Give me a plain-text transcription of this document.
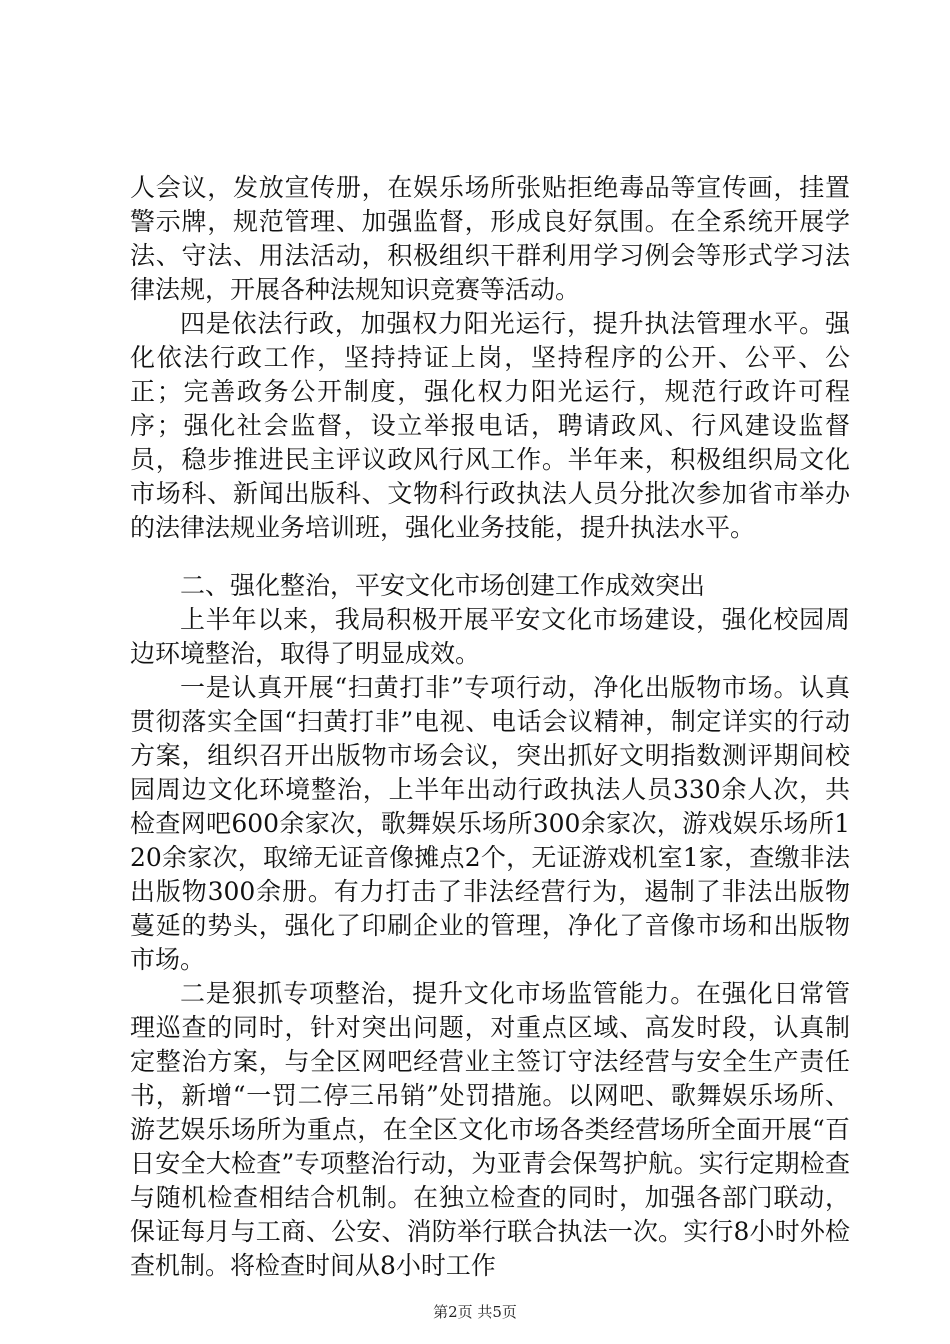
人会议，发放宣传册，在娱乐场所张贴拒绝毒品等宣传画，挂置警示牌，规范管理、加强监督，形成良好氛围。在全系统开展学法、守法、用法活动，积极组织干群利用学习例会等形式学习法律法规，开展各种法规知识竞赛等活动。

四是依法行政，加强权力阳光运行，提升执法管理水平。强化依法行政工作，坚持持证上岗，坚持程序的公开、公平、公正；完善政务公开制度，强化权力阳光运行，规范行政许可程序；强化社会监督，设立举报电话，聘请政风、行风建设监督员，稳步推进民主评议政风行风工作。半年来，积极组织局文化市场科、新闻出版科、文物科行政执法人员分批次参加省市举办的法律法规业务培训班，强化业务技能，提升执法水平。

二、强化整治，平安文化市场创建工作成效突出

上半年以来，我局积极开展平安文化市场建设，强化校园周边环境整治，取得了明显成效。

一是认真开展“扫黄打非”专项行动，净化出版物市场。认真贯彻落实全国“扫黄打非”电视、电话会议精神，制定详实的行动方案，组织召开出版物市场会议，突出抓好文明指数测评期间校园周边文化环境整治，上半年出动行政执法人员330余人次，共检查网吧600余家次，歌舞娱乐场所300余家次，游戏娱乐场所120余家次，取缔无证音像摊点2个，无证游戏机室1家，查缴非法出版物300余册。有力打击了非法经营行为，遏制了非法出版物蔓延的势头，强化了印刷企业的管理，净化了音像市场和出版物市场。

二是狠抓专项整治，提升文化市场监管能力。在强化日常管理巡查的同时，针对突出问题，对重点区域、高发时段，认真制定整治方案，与全区网吧经营业主签订守法经营与安全生产责任书，新增“一罚二停三吊销”处罚措施。以网吧、歌舞娱乐场所、游艺娱乐场所为重点，在全区文化市场各类经营场所全面开展“百日安全大检查”专项整治行动，为亚青会保驾护航。实行定期检查与随机检查相结合机制。在独立检查的同时，加强各部门联动，保证每月与工商、公安、消防举行联合执法一次。实行8小时外检查机制。将检查时间从8小时工作

第2页 共5页
